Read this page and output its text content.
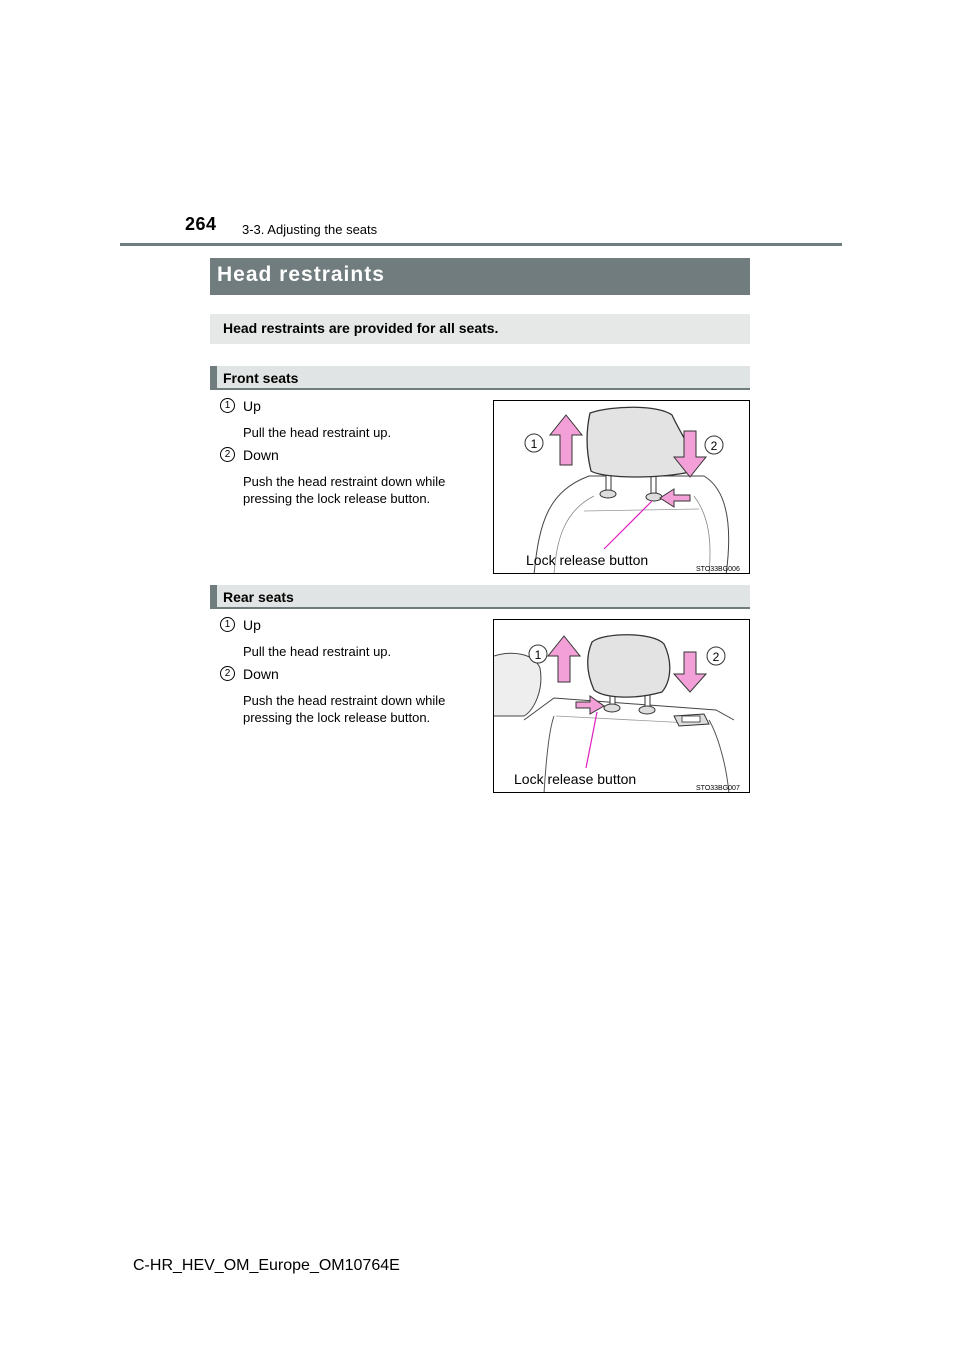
264 3-3. Adjusting the seats
Head restraints
Head restraints are provided for all seats.
Front seats
1 Up
Pull the head restraint up.
2 Down
Push the head restraint down while pressing the lock release button.
1	2
Lock release button
STO33BG006
Rear seats
1 Up
Pull the head restraint up.
2 Down
Push the head restraint down while pressing the lock release button.
1	2
Lock release button
STO33BG007
C-HR_HEV_OM_Europe_OM10764E
